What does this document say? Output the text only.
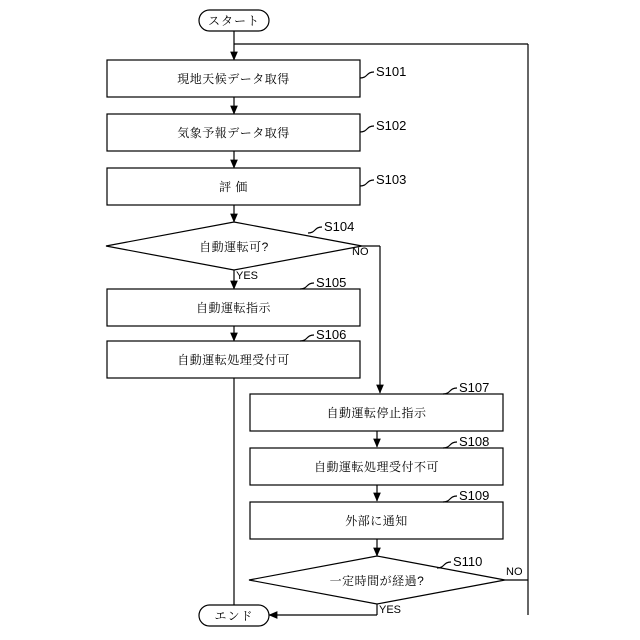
スタート
エンド
現地天候データ取得
気象予報データ取得
評 価
自動運転可?
自動運転指示
自動運転処理受付可
自動運転停止指示
自動運転処理受付不可
外部に通知
一定時間が経過?
S101
S102
S103
S104
S105
S106
S107
S108
S109
S110
NO
YES
NO
YES
